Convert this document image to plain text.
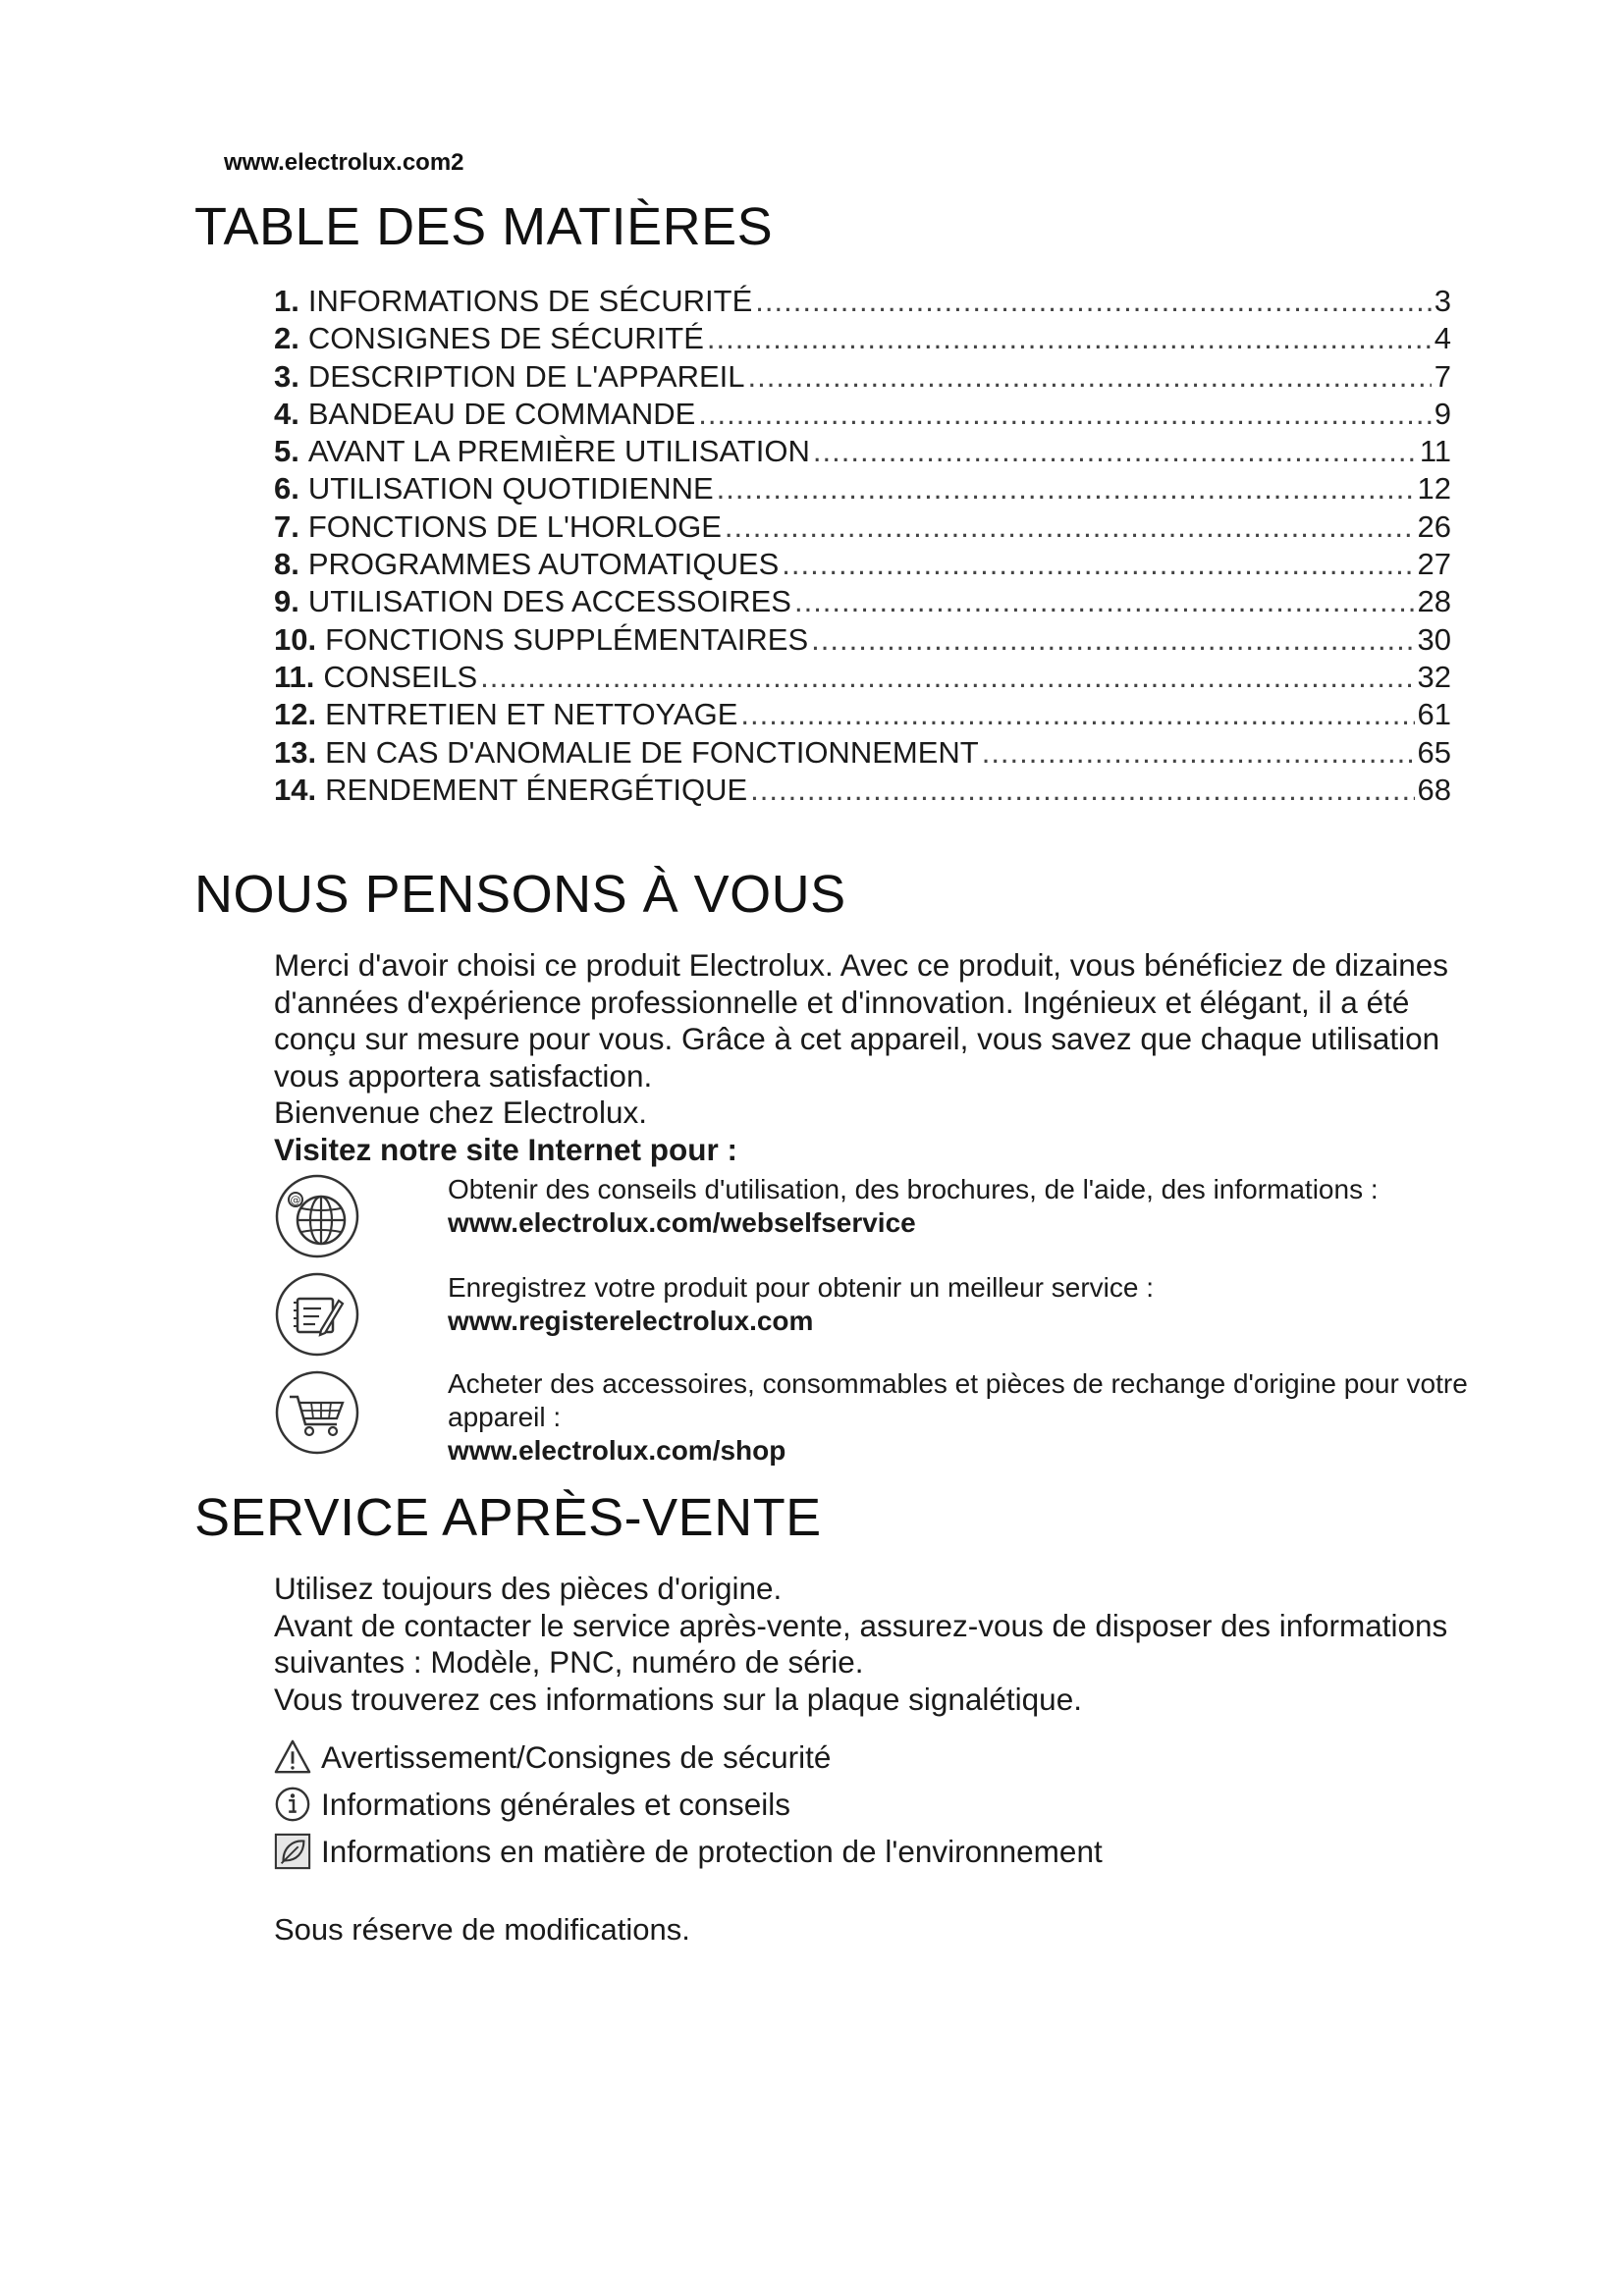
www.electrolux.com2
TABLE DES MATIÈRES
1. INFORMATIONS DE SÉCURITÉ .....	3
2. CONSIGNES DE SÉCURITÉ .....	4
3. DESCRIPTION DE L'APPAREIL .....	7
4. BANDEAU DE COMMANDE .....	9
5. AVANT LA PREMIÈRE UTILISATION .....	11
6. UTILISATION QUOTIDIENNE .....	12
7. FONCTIONS DE L'HORLOGE .....	26
8. PROGRAMMES AUTOMATIQUES .....	27
9. UTILISATION DES ACCESSOIRES .....	28
10. FONCTIONS SUPPLÉMENTAIRES .....	30
11. CONSEILS .....	32
12. ENTRETIEN ET NETTOYAGE .....	61
13. EN CAS D'ANOMALIE DE FONCTIONNEMENT .....	65
14. RENDEMENT ÉNERGÉTIQUE .....	68
NOUS PENSONS À VOUS

Merci d'avoir choisi ce produit Electrolux. Avec ce produit, vous bénéficiez de dizaines d'années d'expérience professionnelle et d'innovation. Ingénieux et élégant, il a été conçu sur mesure pour vous. Grâce à cet appareil, vous savez que chaque utilisation vous apportera satisfaction.

Bienvenue chez Electrolux.

Visitez notre site Internet pour :

@	Obtenir des conseils d'utilisation, des brochures, de l'aide, des informations :
www.electrolux.com/webselfservice
Enregistrez votre produit pour obtenir un meilleur service :
www.registerelectrolux.com
Acheter des accessoires, consommables et pièces de rechange d'origine pour votre appareil :
www.electrolux.com/shop
SERVICE APRÈS-VENTE

Utilisez toujours des pièces d'origine.

Avant de contacter le service après-vente, assurez-vous de disposer des informations suivantes : Modèle, PNC, numéro de série.

Vous trouverez ces informations sur la plaque signalétique.

Avertissement/Consignes de sécurité
Informations générales et conseils
Informations en matière de protection de l'environnement
Sous réserve de modifications.
